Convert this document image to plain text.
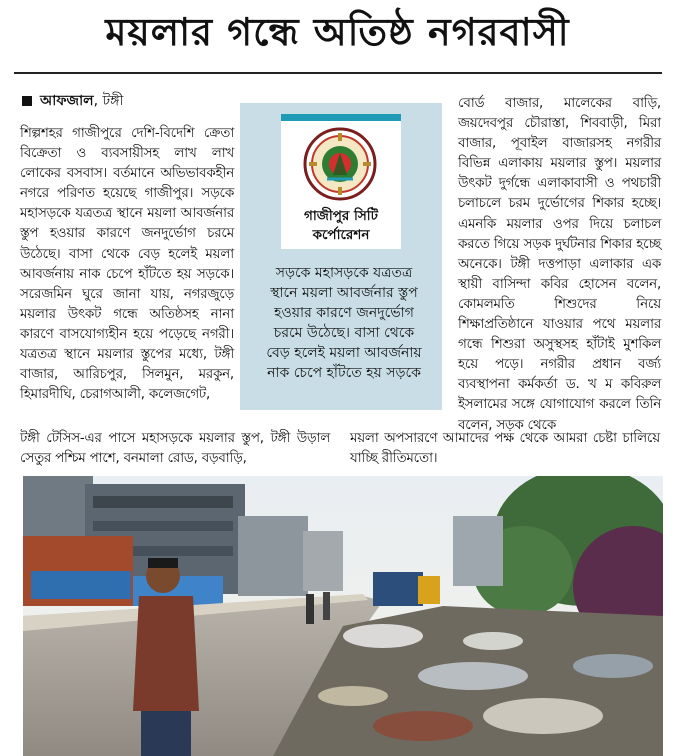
ময়লার গন্ধে অতিষ্ঠ নগরবাসী
আফজাল, টঙ্গী
শিল্পশহর গাজীপুরে দেশি-বিদেশি ক্রেতা বিক্রেতা ও ব্যবসায়ীসহ লাখ লাখ লোকের বসবাস। বর্তমানে অভিভাবকহীন নগরে পরিণত হয়েছে গাজীপুর। সড়কে মহাসড়কে যত্রতত্র স্থানে ময়লা আবর্জনার স্তুপ হওয়ার কারণে জনদুর্ভোগ চরমে উঠেছে। বাসা থেকে বেড় হলেই ময়লা আবর্জনায় নাক চেপে হাঁটতে হয় সড়কে। সরেজমিন ঘুরে জানা যায়, নগরজুড়ে ময়লার উৎকট গন্ধে অতিষ্ঠসহ নানা কারণে বাসযোগ্যহীন হয়ে পড়েছে নগরী। যত্রতত্র স্থানে ময়লার স্তুপের মধ্যে, টঙ্গী বাজার, আরিচপুর, সিলমুন, মরকুন, হিমারদীঘি, চেরাগআলী, কলেজগেট,
টঙ্গী টেসিস-এর পাসে মহাসড়কে ময়লার স্তুপ, টঙ্গী উড়াল সেতুর পশ্চিম পাশে, বনমালা রোড, বড়বাড়ি,
গাজীপুর সিটি কর্পোরেশন
সড়কে মহাসড়কে যত্রতত্র স্থানে ময়লা আবর্জনার স্তুপ হওয়ার কারণে জনদুর্ভোগ চরমে উঠেছে। বাসা থেকে বেড় হলেই ময়লা আবর্জনায় নাক চেপে হাঁটতে হয় সড়কে
বোর্ড বাজার, মালেকের বাড়ি, জয়দেবপুর চৌরাস্তা, শিববাড়ী, মিরা বাজার, পূবাইল বাজারসহ নগরীর বিভিন্ন এলাকায় ময়লার স্তুপ। ময়লার উৎকট দুর্গন্ধে এলাকাবাসী ও পথচারী চলাচলে চরম দুর্ভোগের শিকার হচ্ছে। এমনকি ময়লার ওপর দিয়ে চলাচল করতে গিয়ে সড়ক দুর্ঘটনার শিকার হচ্ছে অনেকে। টঙ্গী দত্তপাড়া এলাকার এক স্থায়ী বাসিন্দা কবির হোসেন বলেন, কোমলমতি শিশুদের নিয়ে শিক্ষাপ্রতিষ্ঠানে যাওয়ার পথে ময়লার গন্ধে শিশুরা অসুস্থসহ হাঁটাই মুশকিল হয়ে পড়ে। নগরীর প্রধান বর্জ্য ব্যবস্থাপনা কর্মকর্তা ড. খ ম কবিরুল ইসলামের সঙ্গে যোগাযোগ করলে তিনি বলেন, সড়ক থেকে
ময়লা অপসারণে আমাদের পক্ষ থেকে আমরা চেষ্টা চালিয়ে যাচ্ছি রীতিমতো।
